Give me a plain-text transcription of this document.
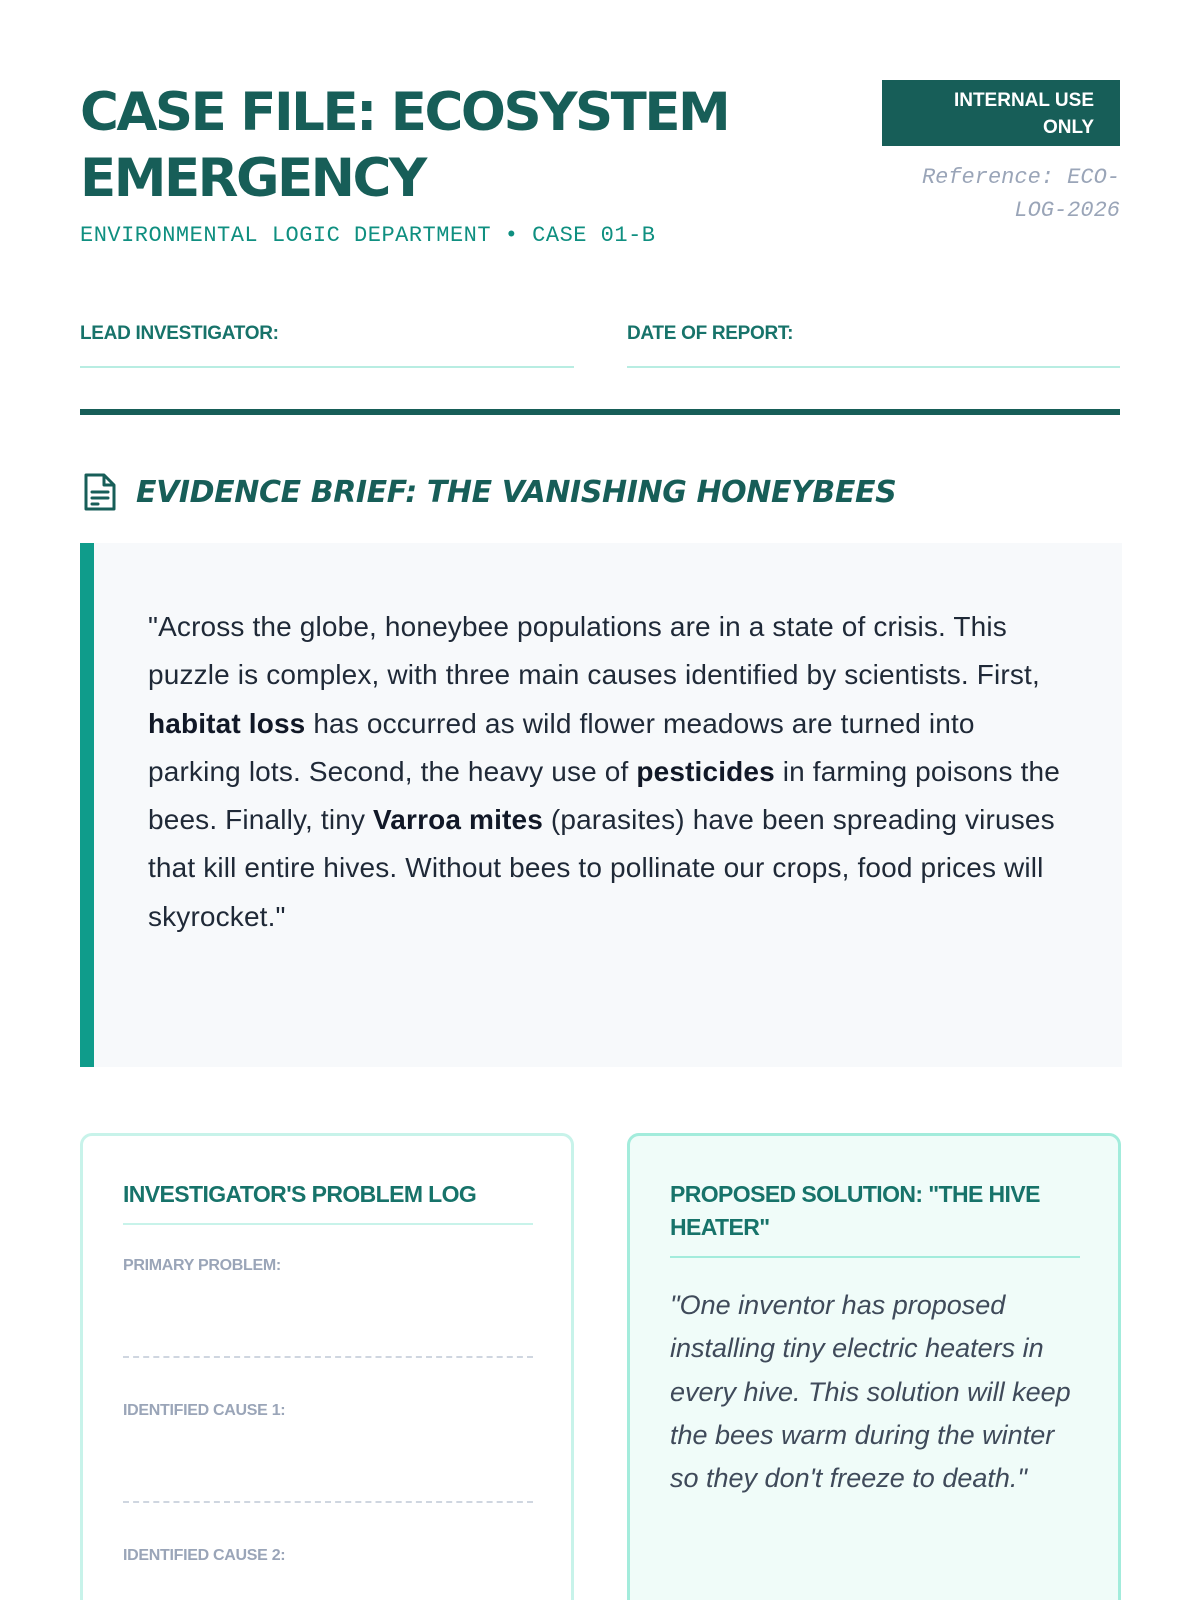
CASE FILE: ECOSYSTEM EMERGENCY
ENVIRONMENTAL LOGIC DEPARTMENT • CASE 01-B
INTERNAL USE ONLY
Reference: ECO-LOG-2026
LEAD INVESTIGATOR:	DATE OF REPORT:
EVIDENCE BRIEF: THE VANISHING HONEYBEES

"Across the globe, honeybee populations are in a state of crisis. This puzzle is complex, with three main causes identified by scientists. First, habitat loss has occurred as wild flower meadows are turned into parking lots. Second, the heavy use of pesticides in farming poisons the bees. Finally, tiny Varroa mites (parasites) have been spreading viruses that kill entire hives. Without bees to pollinate our crops, food prices will skyrocket."

INVESTIGATOR'S PROBLEM LOG
PRIMARY PROBLEM:
IDENTIFIED CAUSE 1:
IDENTIFIED CAUSE 2:
PROPOSED SOLUTION: "THE HIVE HEATER"

"One inventor has proposed installing tiny electric heaters in every hive. This solution will keep the bees warm during the winter so they don't freeze to death."
